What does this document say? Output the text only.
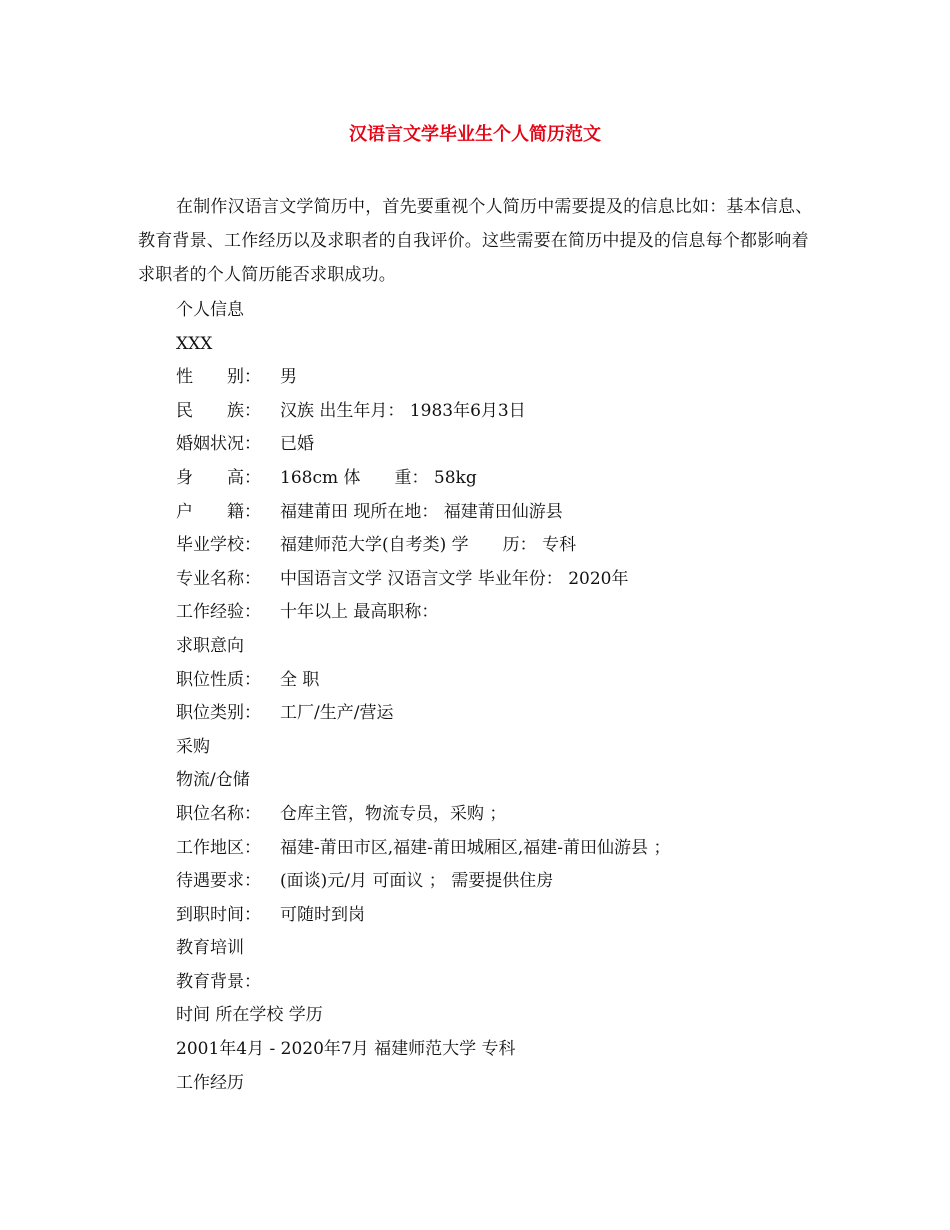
汉语言文学毕业生个人简历范文
在制作汉语言文学简历中，首先要重视个人简历中需要提及的信息比如：基本信息、教育背景、工作经历以及求职者的自我评价。这些需要在简历中提及的信息每个都影响着求职者的个人简历能否求职成功。
个人信息
XXX
性　　别： 男
民　　族： 汉族 出生年月： 1983年6月3日
婚姻状况： 已婚
身　　高： 168cm 体　　重： 58kg
户　　籍： 福建莆田 现所在地： 福建莆田仙游县
毕业学校： 福建师范大学(自考类) 学　　历： 专科
专业名称： 中国语言文学 汉语言文学 毕业年份： 2020年
工作经验： 十年以上 最高职称：
求职意向
职位性质： 全 职
职位类别： 工厂/生产/营运
采购
物流/仓储
职位名称： 仓库主管，物流专员，采购 ；
工作地区： 福建-莆田市区,福建-莆田城厢区,福建-莆田仙游县 ；
待遇要求： (面谈)元/月 可面议 ； 需要提供住房
到职时间： 可随时到岗
教育培训
教育背景：
时间 所在学校 学历
2001年4月 - 2020年7月 福建师范大学 专科
工作经历
